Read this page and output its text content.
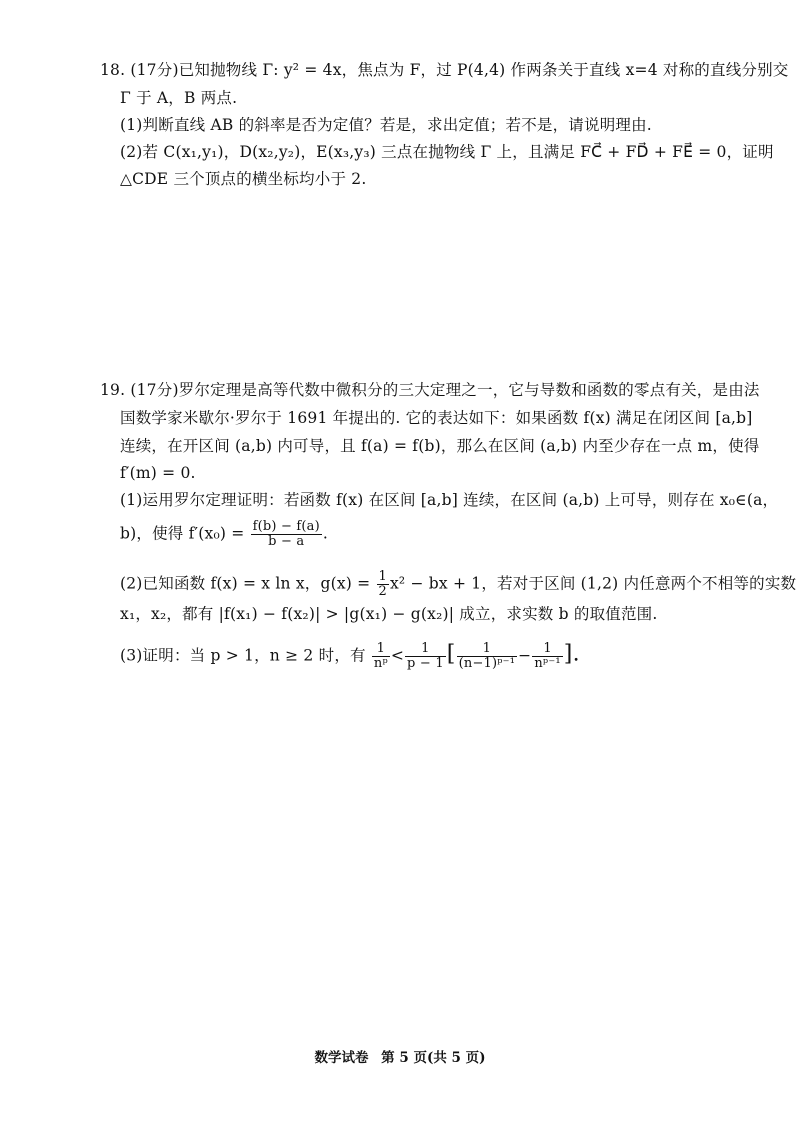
18. (17分)已知抛物线 Γ: y² = 4x，焦点为 F，过 P(4,4) 作两条关于直线 x=4 对称的直线分别交
Γ 于 A，B 两点.
(1)判断直线 AB 的斜率是否为定值？若是，求出定值；若不是，请说明理由.
(2)若 C(x₁,y₁)，D(x₂,y₂)，E(x₃,y₃) 三点在抛物线 Γ 上，且满足 FC⃗ + FD⃗ + FE⃗ = 0，证明
△CDE 三个顶点的横坐标均小于 2.
19. (17分)罗尔定理是高等代数中微积分的三大定理之一，它与导数和函数的零点有关，是由法
国数学家米歇尔·罗尔于 1691 年提出的. 它的表达如下：如果函数 f(x) 满足在闭区间 [a,b]
连续，在开区间 (a,b) 内可导，且 f(a) = f(b)，那么在区间 (a,b) 内至少存在一点 m，使得
f′(m) = 0.
(1)运用罗尔定理证明：若函数 f(x) 在区间 [a,b] 连续，在区间 (a,b) 上可导，则存在 x₀∈(a，
b)，使得 $f'(x_0) = \frac{f(b) - f(a)}{b - a}$ .
(2)已知函数 f(x) = x ln x，$g(x) = \frac{1}{2} x^2$ − bx + 1，若对于区间 (1,2) 内任意两个不相等的实数
x₁，x₂，都有 |f(x₁) − f(x₂)| > |g(x₁) − g(x₂)| 成立，求实数 b 的取值范围.
(3)证明：当 p > 1，n ≥ 2 时，有 $\frac{1}{\text{nᵖ}} < \frac{1}{p - 1}$ [ $\frac{1}{\text{(n−1)ᵖ⁻¹}} - \frac{1}{\text{nᵖ⁻¹}}$ ].
数学试卷 第 5 页(共 5 页)
